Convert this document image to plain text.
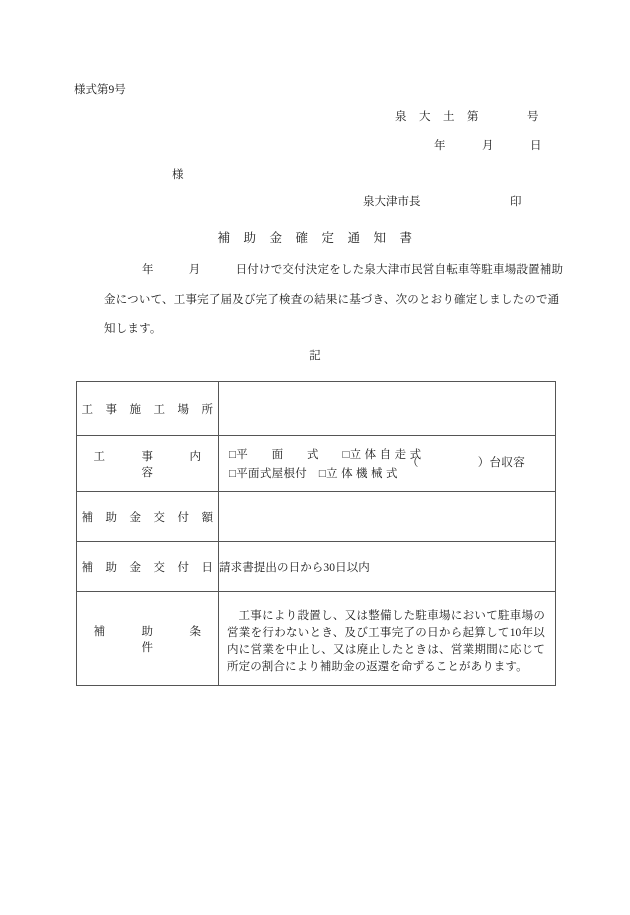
様式第9号
泉　大　土　第　　　　号
年　　　月　　　日
様
泉大津市長	印
補　助　金　確　定　通　知　書
年　　　月　　　日付けで交付決定をした泉大津市民営自転車等駐車場設置補助
金について、工事完了届及び完了検査の結果に基づき、次のとおり確定しましたので通
知します。
記
工　事　施　工　場　所	
工　　　事　　　内　　　容	□平　　面　　式　　□立 体 自 走 式
□平面式屋根付　□立 体 機 械 式
（　　　　　）台収容

補　助　金　交　付　額	
補　助　金　交　付　日	請求書提出の日から30日以内
補　　　助　　　条　　　件	工事により設置し、又は整備した駐車場において駐車場の営業を行わないとき、及び工事完了の日から起算して10年以内に営業を中止し、又は廃止したときは、営業期間に応じて所定の割合により補助金の返還を命ずることがあります。
